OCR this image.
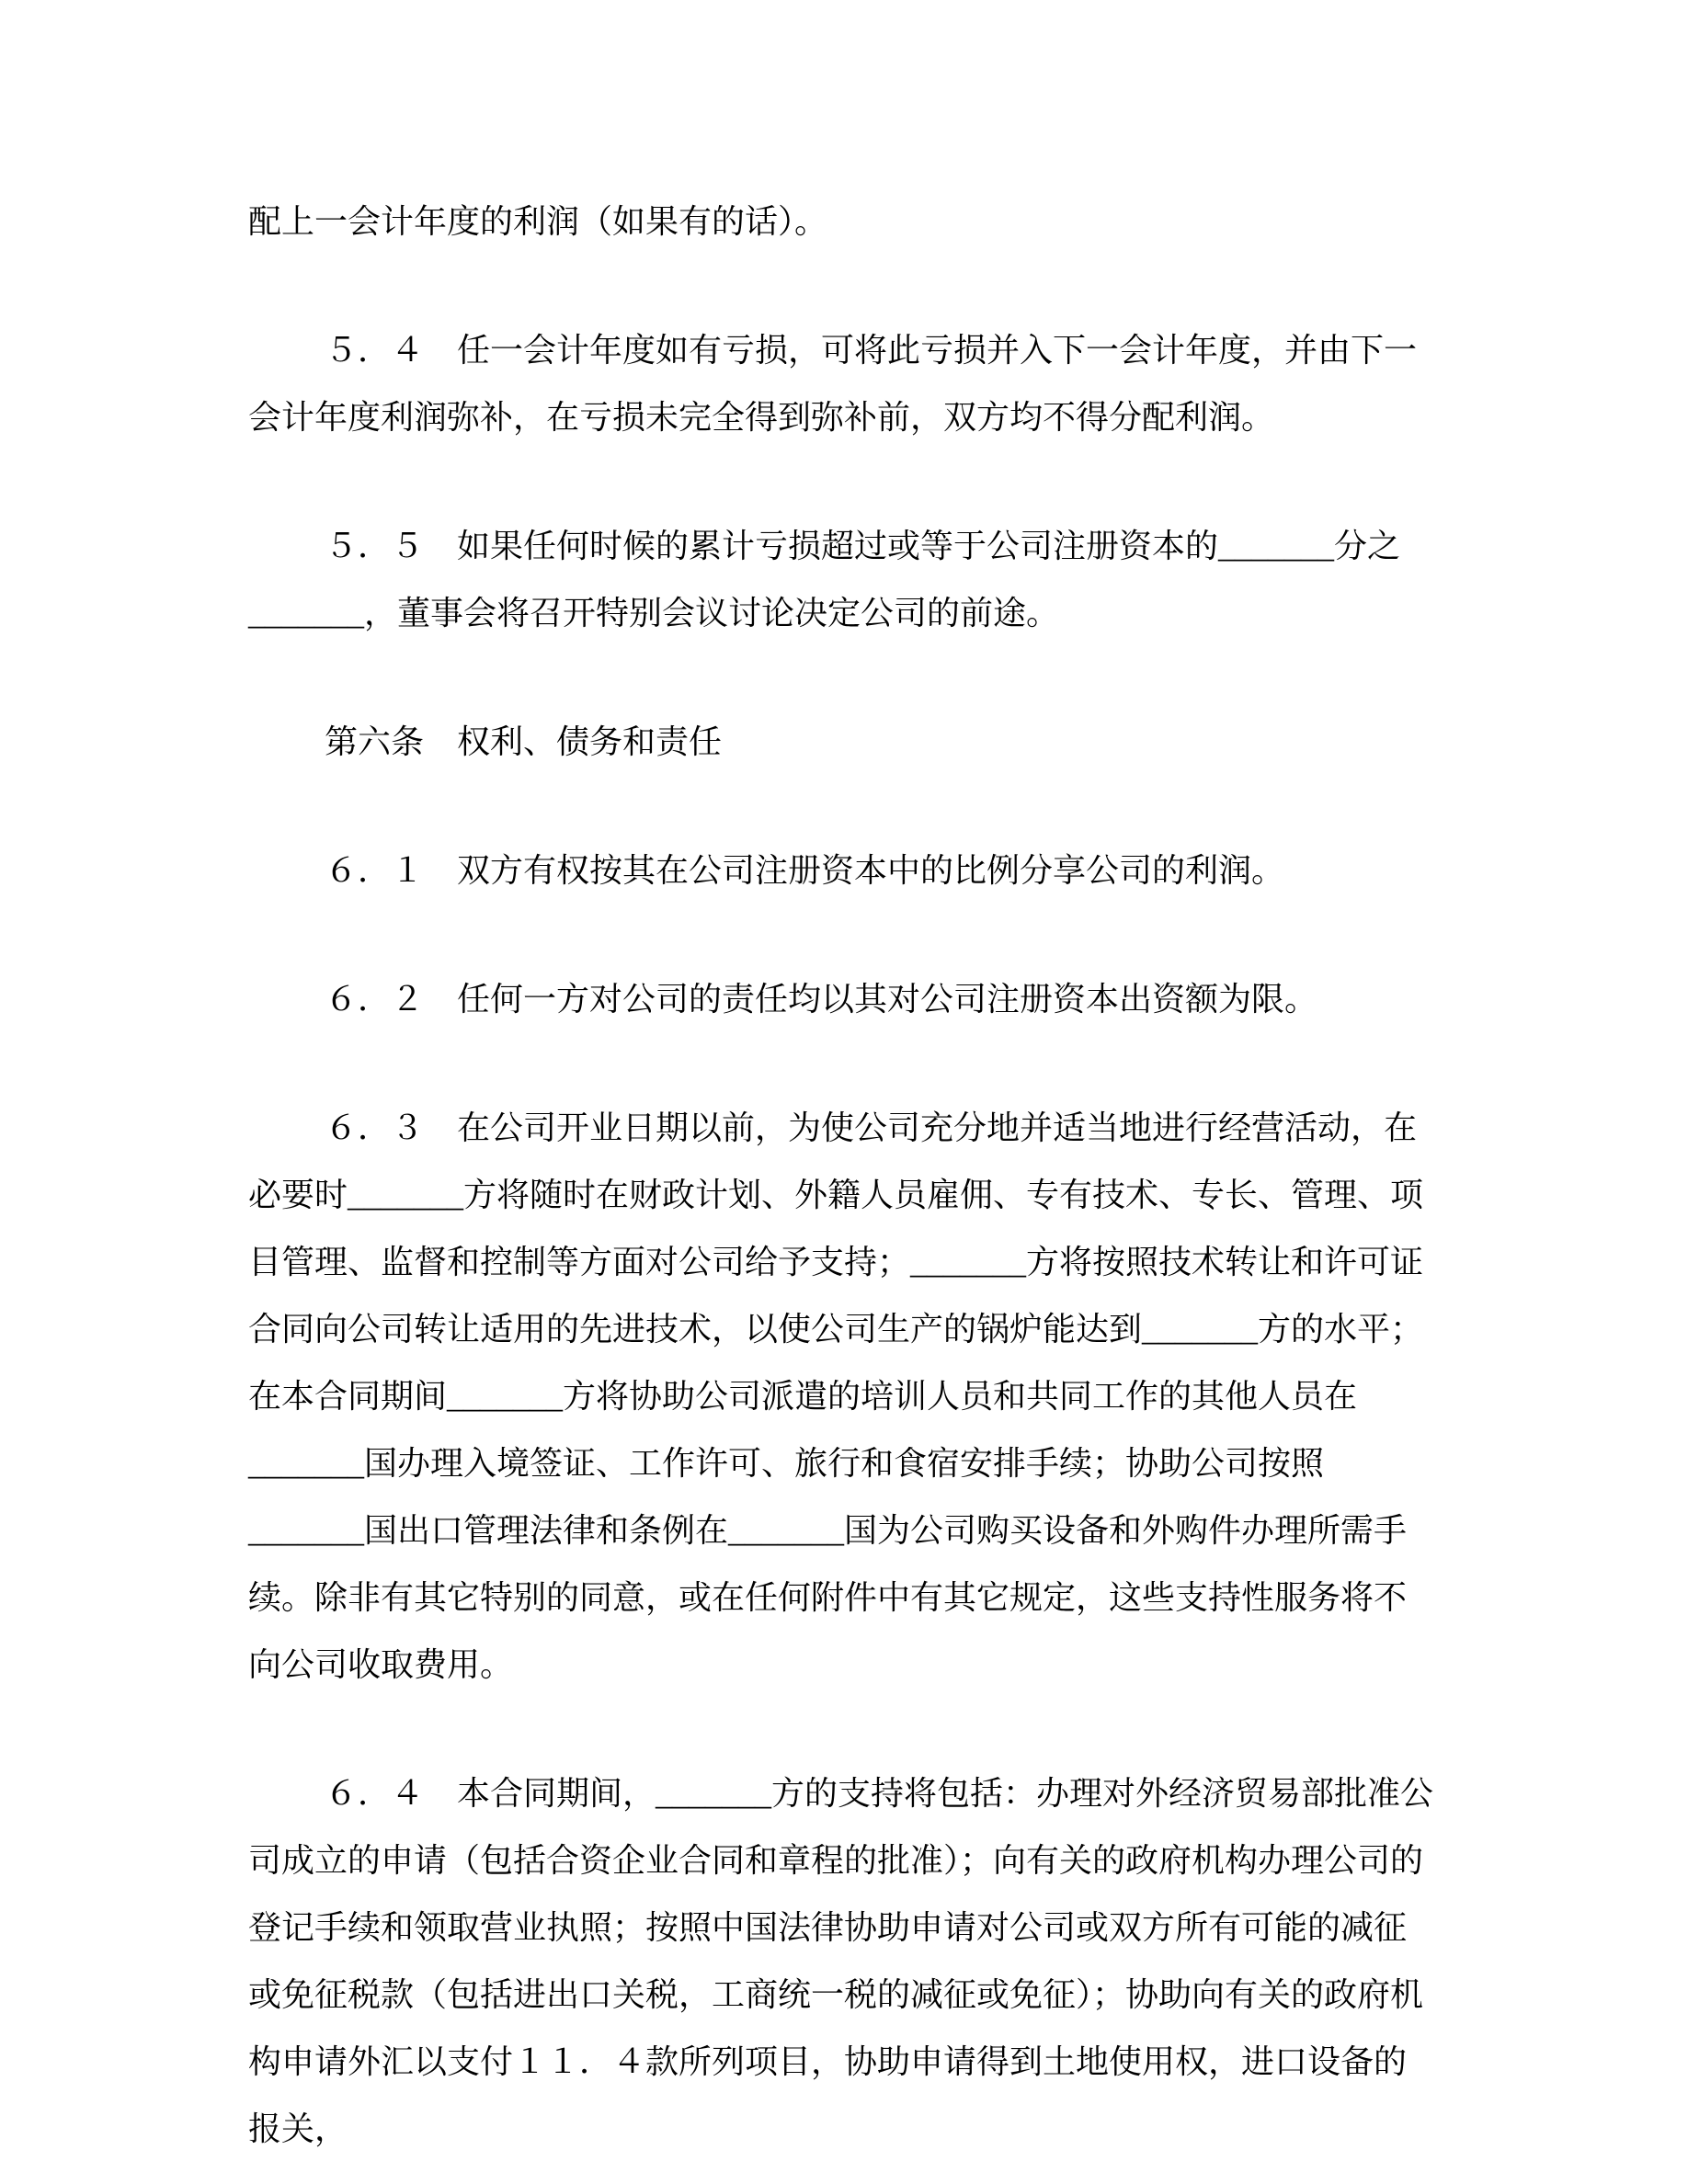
配上一会计年度的利润（如果有的话）。

５．４　任一会计年度如有亏损，可将此亏损并入下一会计年度，并由下一会计年度利润弥补，在亏损未完全得到弥补前，双方均不得分配利润。

５．５　如果任何时候的累计亏损超过或等于公司注册资本的_______分之_______，董事会将召开特别会议讨论决定公司的前途。

第六条　权利、债务和责任

６．１　双方有权按其在公司注册资本中的比例分享公司的利润。

６．２　任何一方对公司的责任均以其对公司注册资本出资额为限。

６．３　在公司开业日期以前，为使公司充分地并适当地进行经营活动，在必要时_______方将随时在财政计划、外籍人员雇佣、专有技术、专长、管理、项目管理、监督和控制等方面对公司给予支持；_______方将按照技术转让和许可证合同向公司转让适用的先进技术，以使公司生产的锅炉能达到_______方的水平；在本合同期间_______方将协助公司派遣的培训人员和共同工作的其他人员在_______国办理入境签证、工作许可、旅行和食宿安排手续；协助公司按照_______国出口管理法律和条例在_______国为公司购买设备和外购件办理所需手续。除非有其它特别的同意，或在任何附件中有其它规定，这些支持性服务将不向公司收取费用。

６．４　本合同期间，_______方的支持将包括：办理对外经济贸易部批准公司成立的申请（包括合资企业合同和章程的批准）；向有关的政府机构办理公司的登记手续和领取营业执照；按照中国法律协助申请对公司或双方所有可能的减征或免征税款（包括进出口关税，工商统一税的减征或免征）；协助向有关的政府机构申请外汇以支付１１．４款所列项目，协助申请得到土地使用权，进口设备的报关，
